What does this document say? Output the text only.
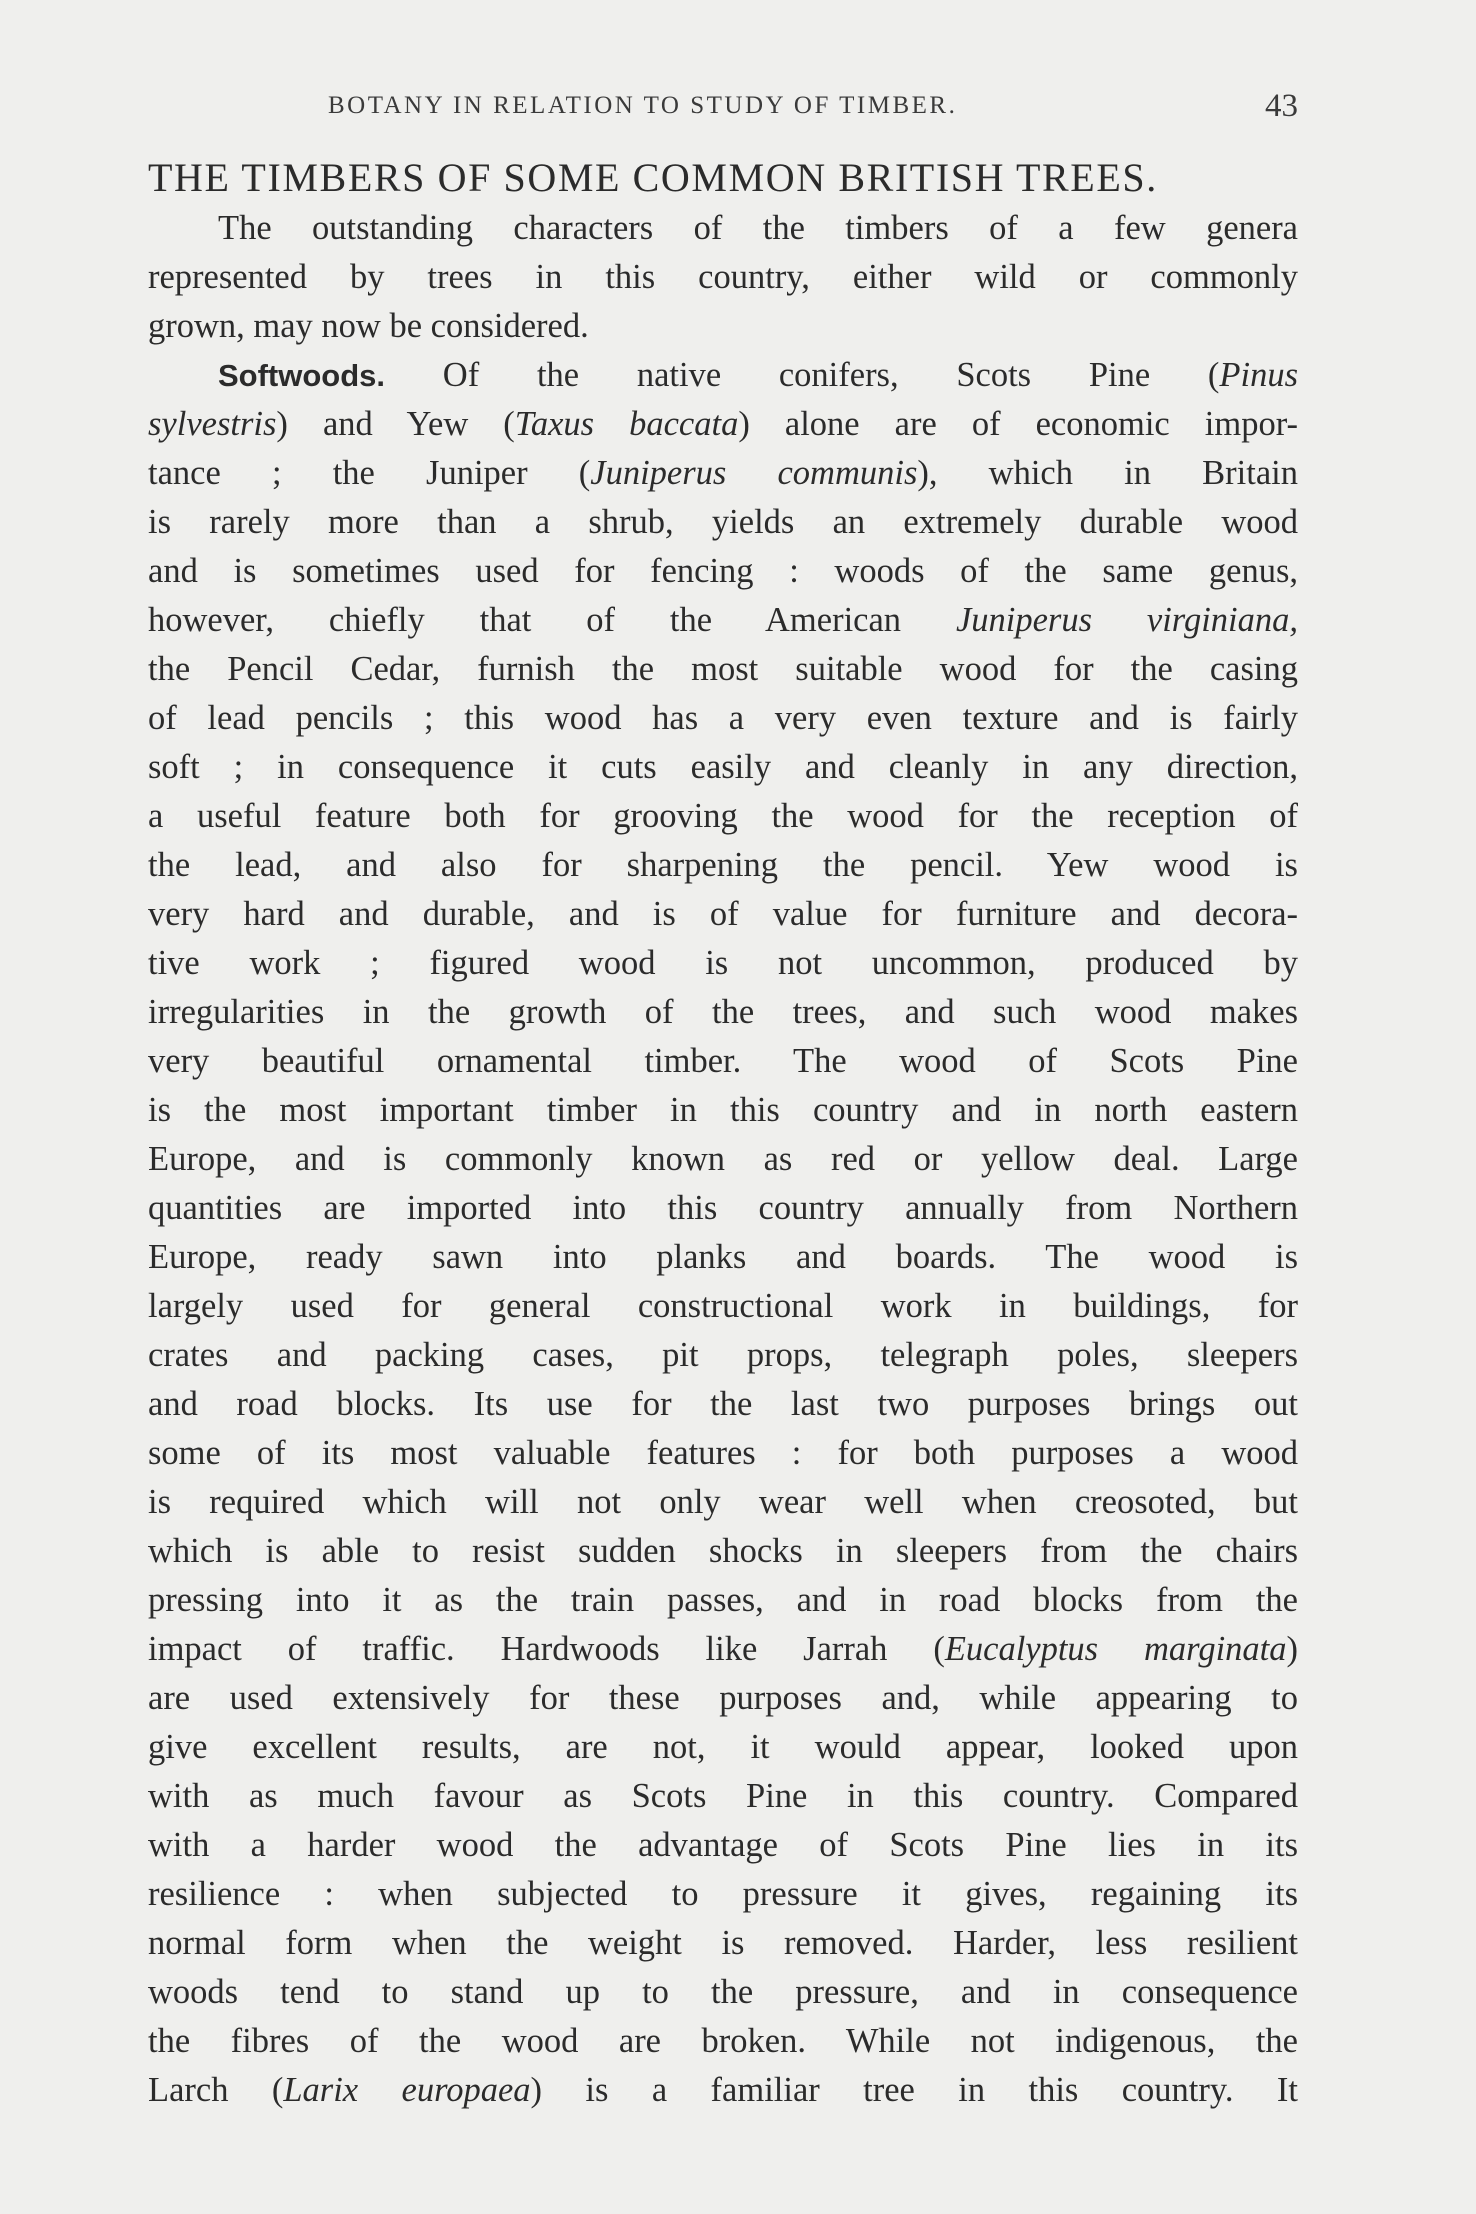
BOTANY IN RELATION TO STUDY OF TIMBER.	43
THE TIMBERS OF SOME COMMON BRITISH TREES.
The outstanding characters of the timbers of a few genera
represented by trees in this country, either wild or commonly
grown, may now be considered.
Softwoods. Of the native conifers, Scots Pine (Pinus
sylvestris) and Yew (Taxus baccata) alone are of economic impor-
tance ; the Juniper (Juniperus communis), which in Britain
is rarely more than a shrub, yields an extremely durable wood
and is sometimes used for fencing : woods of the same genus,
however, chiefly that of the American Juniperus virginiana,
the Pencil Cedar, furnish the most suitable wood for the casing
of lead pencils ; this wood has a very even texture and is fairly
soft ; in consequence it cuts easily and cleanly in any direction,
a useful feature both for grooving the wood for the reception of
the lead, and also for sharpening the pencil. Yew wood is
very hard and durable, and is of value for furniture and decora-
tive work ; figured wood is not uncommon, produced by
irregularities in the growth of the trees, and such wood makes
very beautiful ornamental timber. The wood of Scots Pine
is the most important timber in this country and in north eastern
Europe, and is commonly known as red or yellow deal. Large
quantities are imported into this country annually from Northern
Europe, ready sawn into planks and boards. The wood is
largely used for general constructional work in buildings, for
crates and packing cases, pit props, telegraph poles, sleepers
and road blocks. Its use for the last two purposes brings out
some of its most valuable features : for both purposes a wood
is required which will not only wear well when creosoted, but
which is able to resist sudden shocks in sleepers from the chairs
pressing into it as the train passes, and in road blocks from the
impact of traffic. Hardwoods like Jarrah (Eucalyptus marginata)
are used extensively for these purposes and, while appearing to
give excellent results, are not, it would appear, looked upon
with as much favour as Scots Pine in this country. Compared
with a harder wood the advantage of Scots Pine lies in its
resilience : when subjected to pressure it gives, regaining its
normal form when the weight is removed. Harder, less resilient
woods tend to stand up to the pressure, and in consequence
the fibres of the wood are broken. While not indigenous, the
Larch (Larix europaea) is a familiar tree in this country. It
